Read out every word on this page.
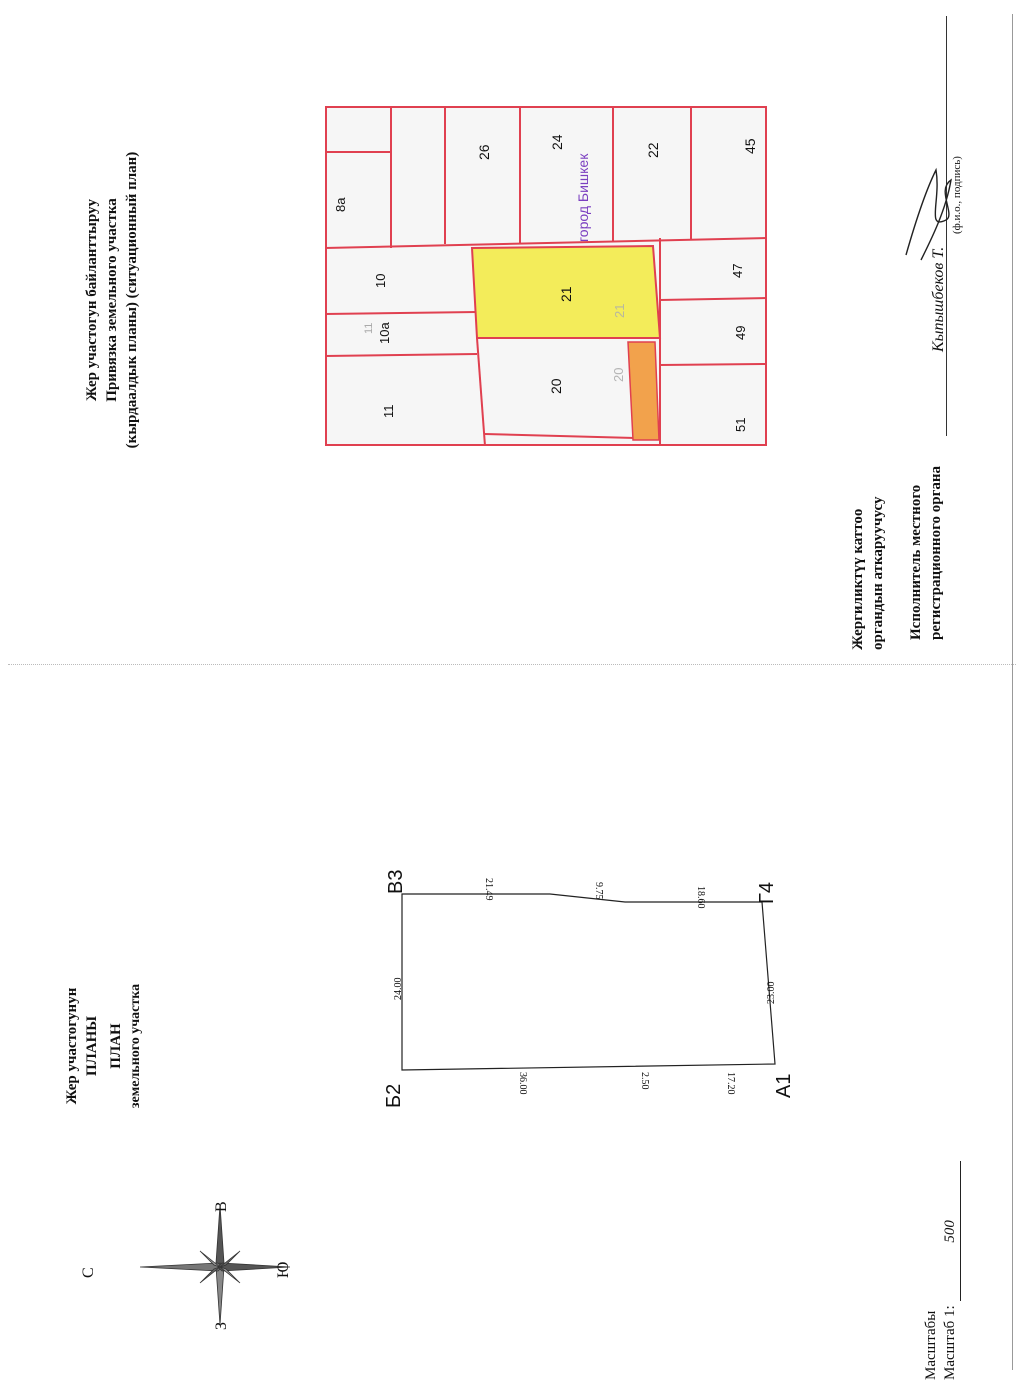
Жер участогун байланттыруу Привязка земельного участка (кырдаалдык планы) (ситуационный план)	8a
26
24
22	45
город Бишкек
10
21
21
47
11 10a	49
11
20
20
51
Жергиликтүү каттоо органдын аткаруучусу Исполнитель местного регистрационного органа
Кыпышбеков Т.
(ф.и.о., подпись)
Жер участогунун ПЛАНЫ ПЛАН земельного участка
B3	Г4
Б2	A1
21.49	9.75	18.60
24.00	23.00
36.00	2.50	17.20
С	Ю
В
З	Масштабы Масштаб 1:500
